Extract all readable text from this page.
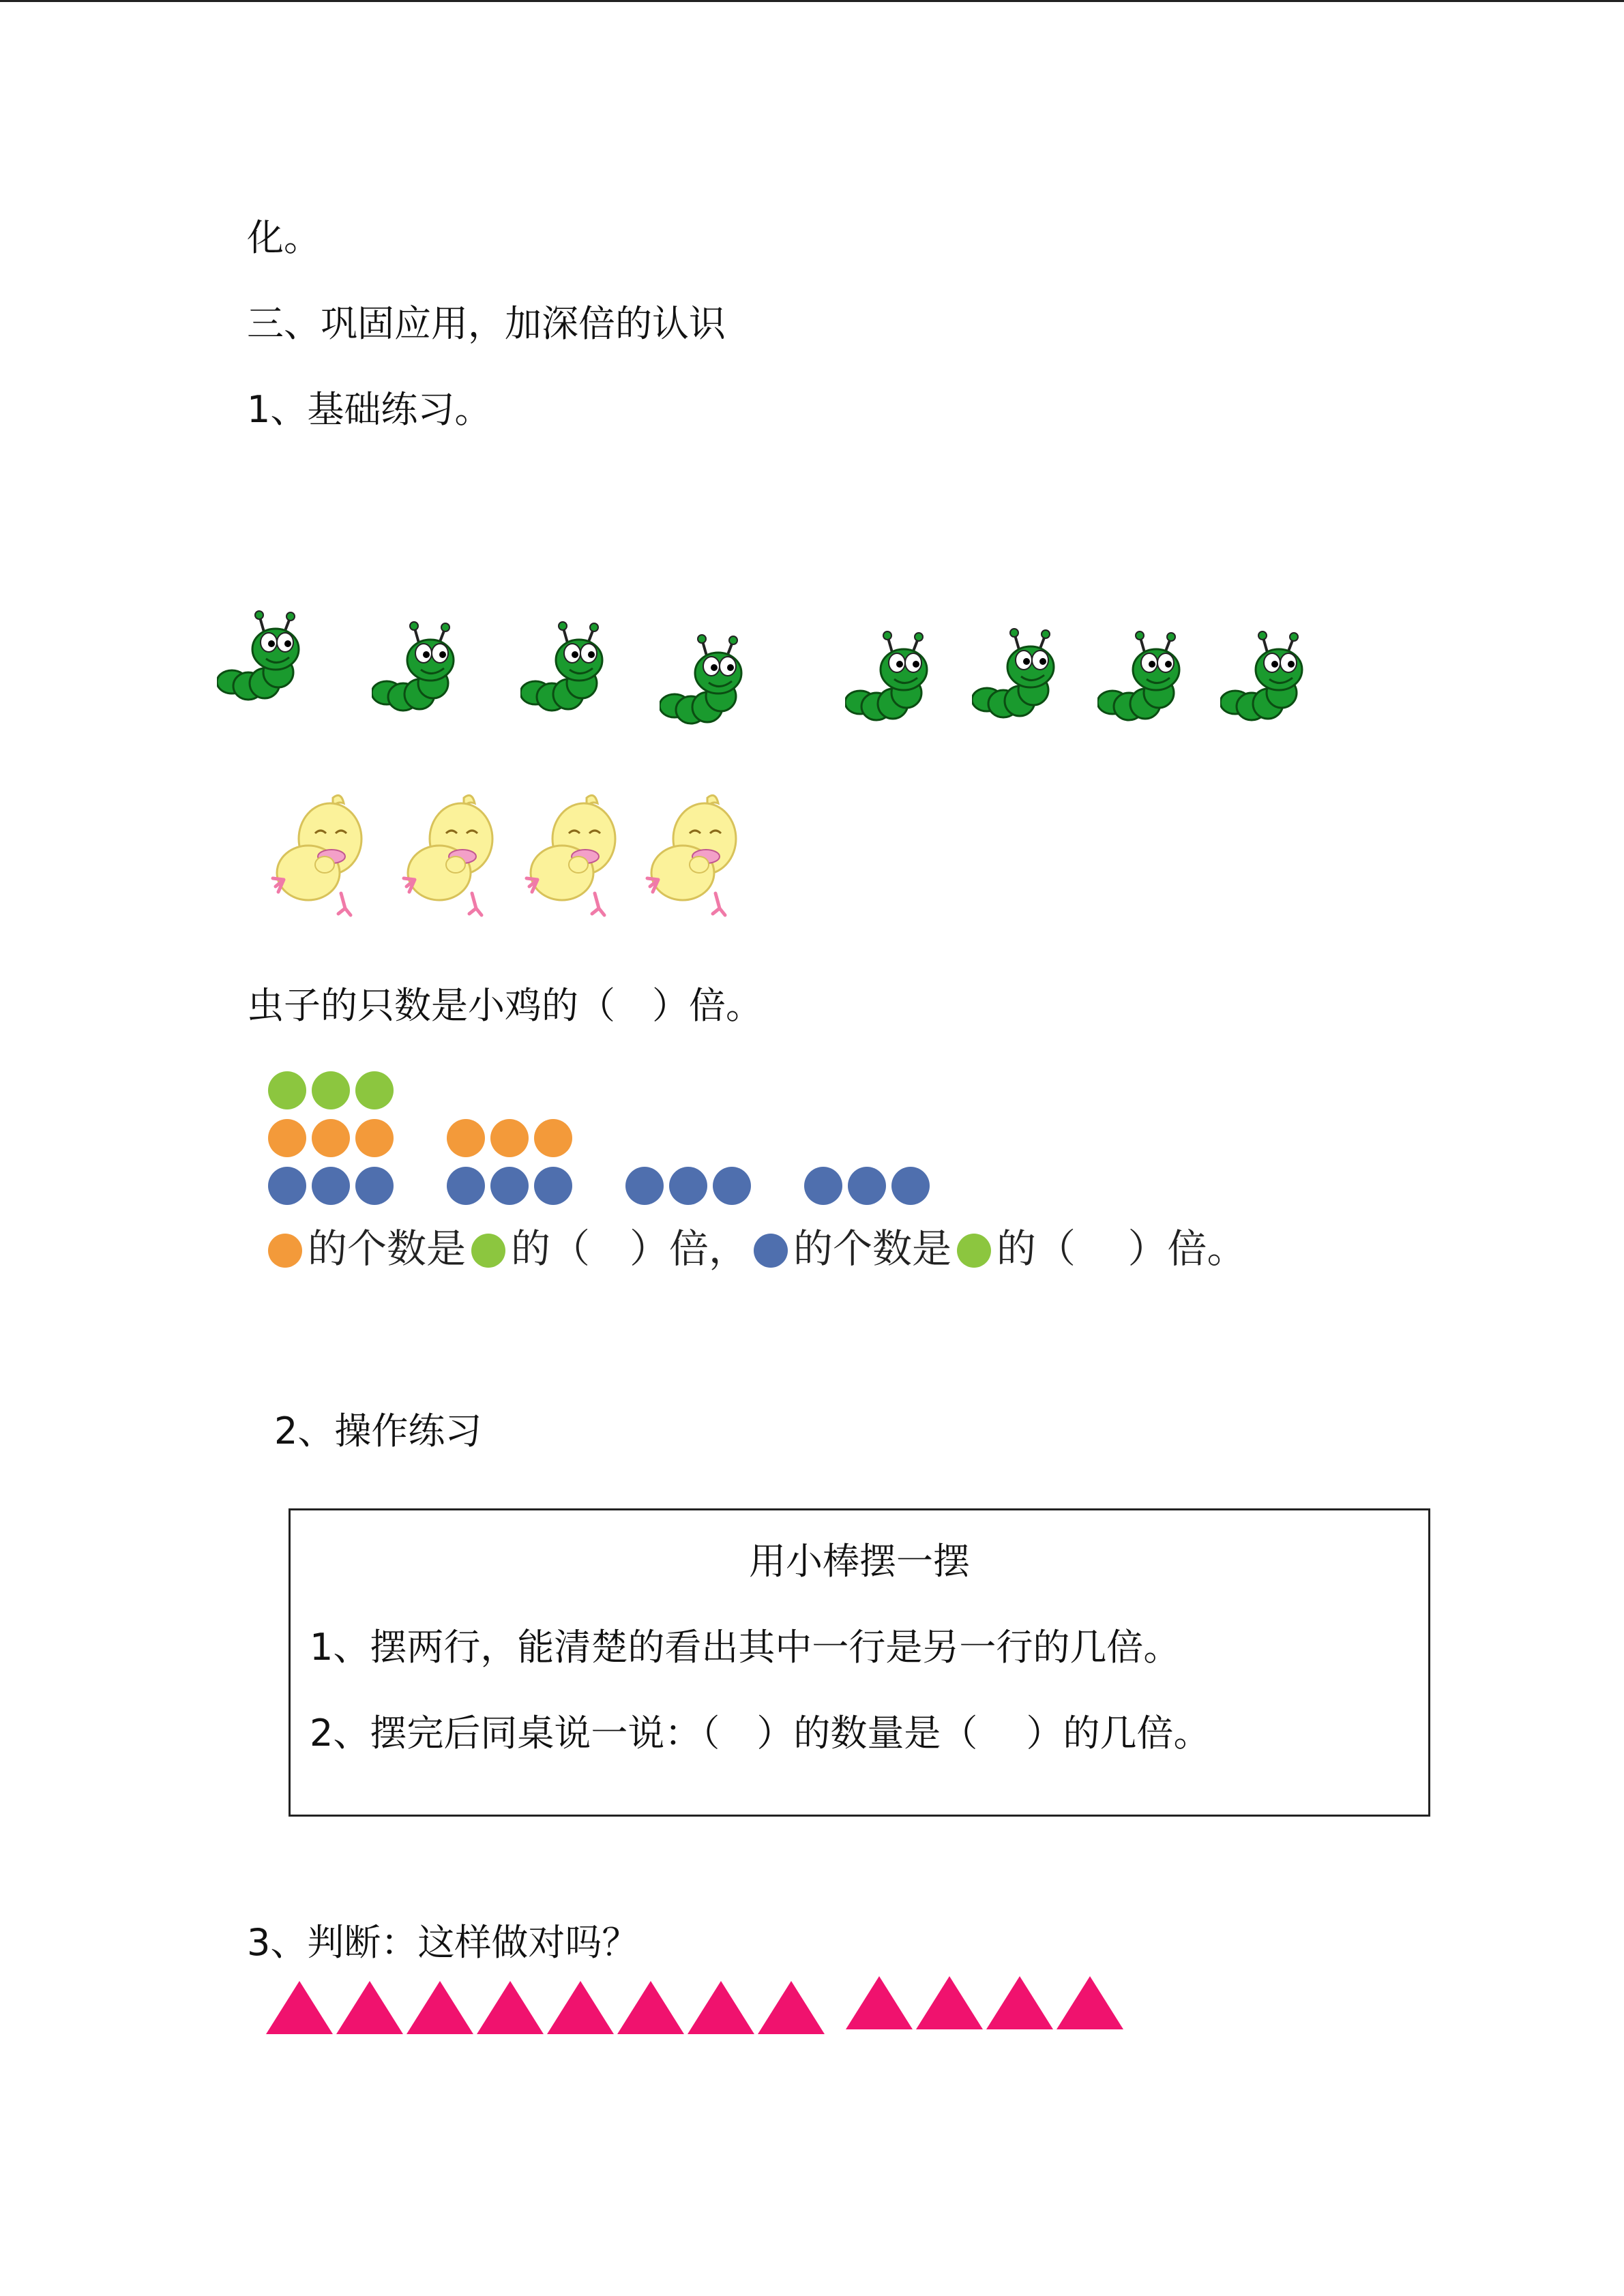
化。
三、巩固应用，加深倍的认识
1、基础练习。
虫子的只数是小鸡的（　）倍。
的个数是 的（　）倍， 的个数是 的（　 ）倍。
2、操作练习
用小棒摆一摆
1、摆两行，能清楚的看出其中一行是另一行的几倍。
2、摆完后同桌说一说：（　）的数量是（　 ）的几倍。
3、判断：这样做对吗？
